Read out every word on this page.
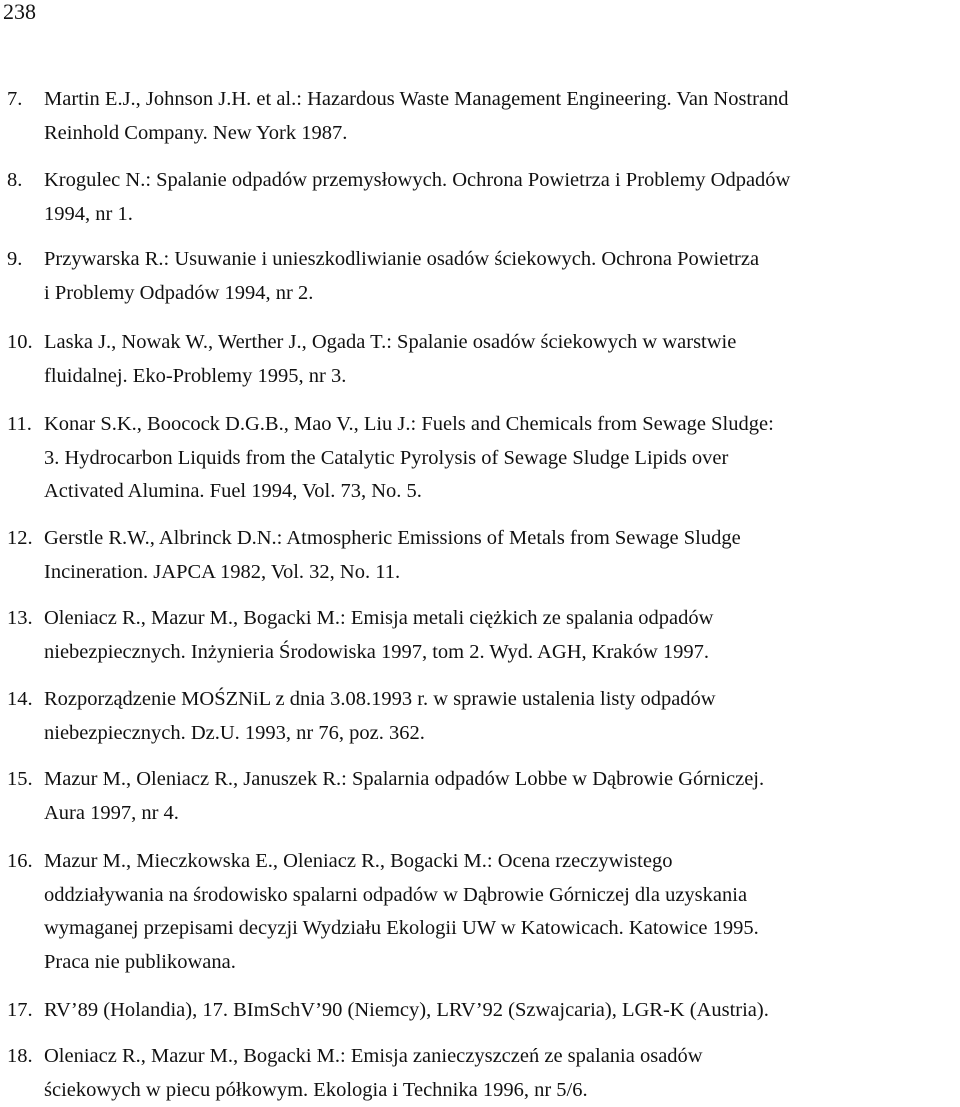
238
7. Martin E.J., Johnson J.H. et al.: Hazardous Waste Management Engineering. Van Nostrand
Reinhold Company. New York 1987.
8. Krogulec N.: Spalanie odpadów przemysłowych. Ochrona Powietrza i Problemy Odpadów
1994, nr 1.
9. Przywarska R.: Usuwanie i unieszkodliwianie osadów ściekowych. Ochrona Powietrza
i Problemy Odpadów 1994, nr 2.
10. Laska J., Nowak W., Werther J., Ogada T.: Spalanie osadów ściekowych w warstwie
fluidalnej. Eko-Problemy 1995, nr 3.
11. Konar S.K., Boocock D.G.B., Mao V., Liu J.: Fuels and Chemicals from Sewage Sludge:
3. Hydrocarbon Liquids from the Catalytic Pyrolysis of Sewage Sludge Lipids over
Activated Alumina. Fuel 1994, Vol. 73, No. 5.
12. Gerstle R.W., Albrinck D.N.: Atmospheric Emissions of Metals from Sewage Sludge
Incineration. JAPCA 1982, Vol. 32, No. 11.
13. Oleniacz R., Mazur M., Bogacki M.: Emisja metali ciężkich ze spalania odpadów
niebezpiecznych. Inżynieria Środowiska 1997, tom 2. Wyd. AGH, Kraków 1997.
14. Rozporządzenie MOŚZNiL z dnia 3.08.1993 r. w sprawie ustalenia listy odpadów
niebezpiecznych. Dz.U. 1993, nr 76, poz. 362.
15. Mazur M., Oleniacz R., Januszek R.: Spalarnia odpadów Lobbe w Dąbrowie Górniczej.
Aura 1997, nr 4.
16. Mazur M., Mieczkowska E., Oleniacz R., Bogacki M.: Ocena rzeczywistego
oddziaływania na środowisko spalarni odpadów w Dąbrowie Górniczej dla uzyskania
wymaganej przepisami decyzji Wydziału Ekologii UW w Katowicach. Katowice 1995.
Praca nie publikowana.
17. RV’89 (Holandia), 17. BImSchV’90 (Niemcy), LRV’92 (Szwajcaria), LGR-K (Austria).
18. Oleniacz R., Mazur M., Bogacki M.: Emisja zanieczyszczeń ze spalania osadów
ściekowych w piecu półkowym. Ekologia i Technika 1996, nr 5/6.
